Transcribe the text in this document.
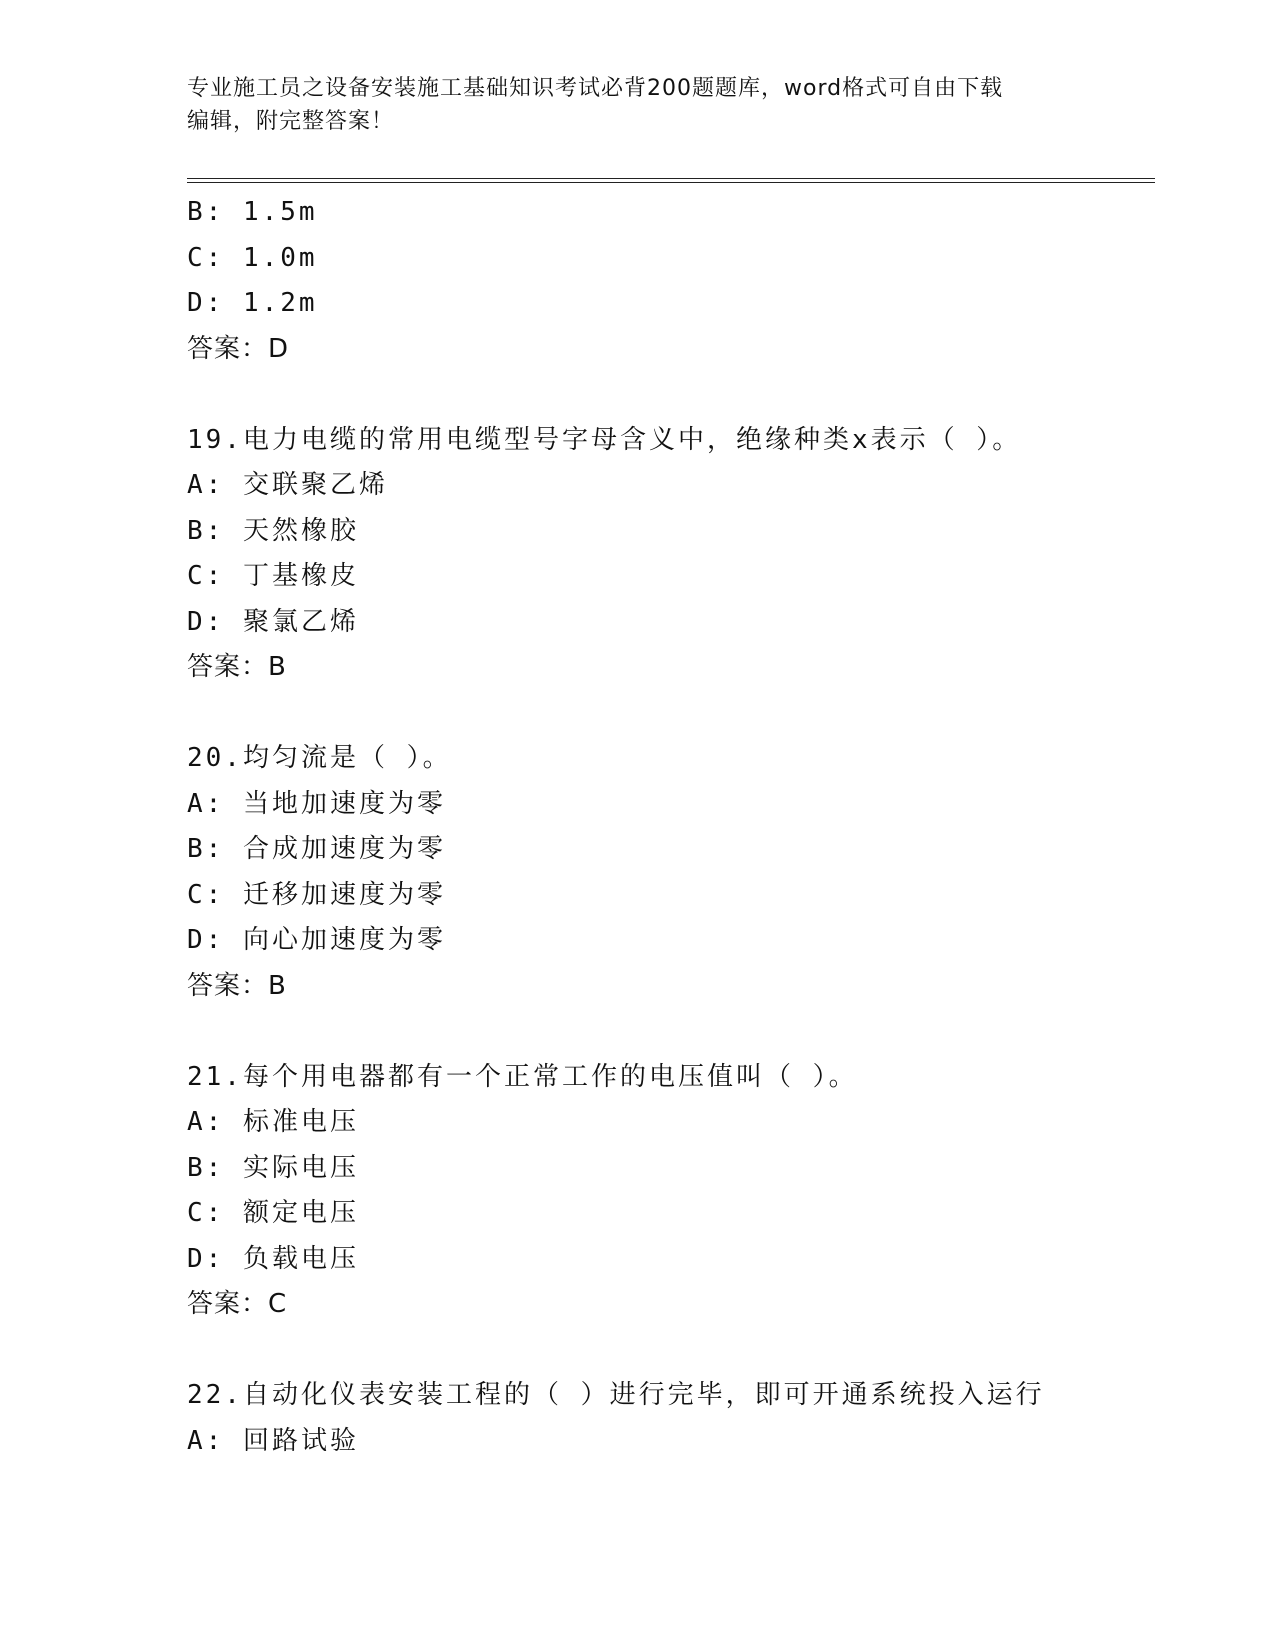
专业施工员之设备安装施工基础知识考试必背200题题库，word格式可自由下载
编辑，附完整答案！
B: 1.5m
C: 1.0m
D: 1.2m
答案：D
19.电力电缆的常用电缆型号字母含义中，绝缘种类x表示（ ）。
A: 交联聚乙烯
B: 天然橡胶
C: 丁基橡皮
D: 聚氯乙烯
答案：B
20.均匀流是（ ）。
A: 当地加速度为零
B: 合成加速度为零
C: 迁移加速度为零
D: 向心加速度为零
答案：B
21.每个用电器都有一个正常工作的电压值叫（ ）。
A: 标准电压
B: 实际电压
C: 额定电压
D: 负载电压
答案：C
22.自动化仪表安装工程的（ ）进行完毕，即可开通系统投入运行
A: 回路试验
